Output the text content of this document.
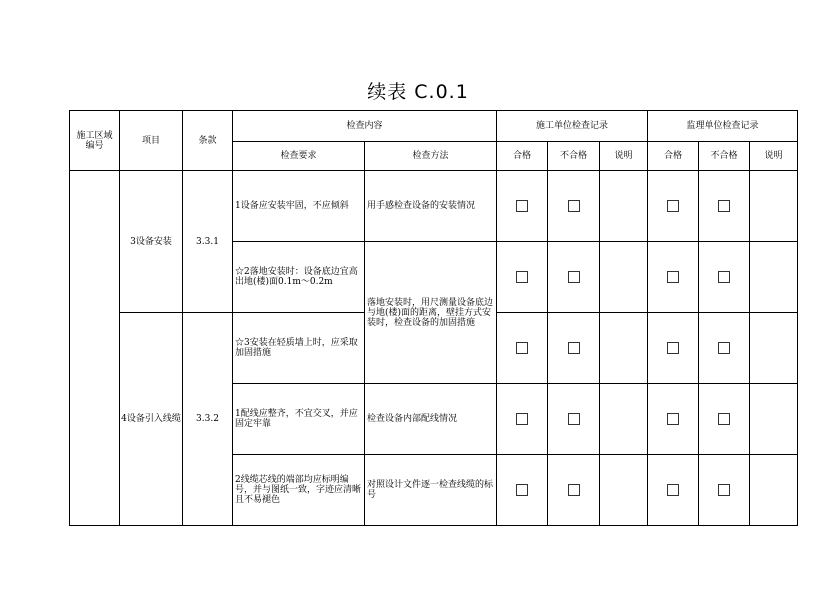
续表 C.0.1
施工区域编号	项目	条款	检查内容		施工单位检查记录			监理单位检查记录		
			检查要求	检查方法	合格	不合格	说明	合格	不合格	说明
	3设备安装	3.3.1	1设备应安装牢固，不应倾斜	用手感检查设备的安装情况						
			☆2落地安装时：设备底边宜高出地(楼)面0.1m～0.2m	落地安装时，用尺测量设备底边与地(楼)面的距离，壁挂方式安装时，检查设备的加固措施						
	4设备引入线缆	3.3.2	☆3安装在轻质墙上时，应采取加固措施							
			1配线应整齐，不宜交叉，并应固定牢靠	检查设备内部配线情况						
			2线缆芯线的端部均应标明编号，并与图纸一致，字迹应清晰且不易褪色	对照设计文件逐一检查线缆的标号						
